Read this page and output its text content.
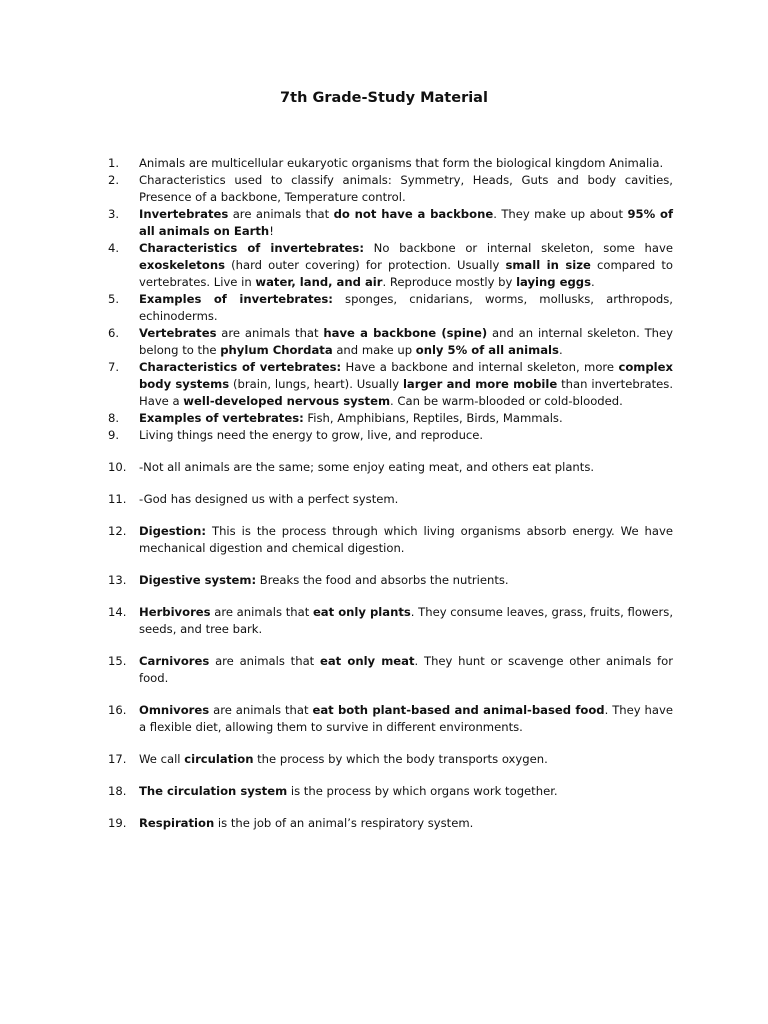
7th Grade-Study Material
1.	Animals are multicellular eukaryotic organisms that form the biological kingdom Animalia.
2.	Characteristics used to classify animals: Symmetry, Heads, Guts and body cavities, Presence of a backbone, Temperature control.
3.	Invertebrates are animals that do not have a backbone. They make up about 95% of all animals on Earth!
4.	Characteristics of invertebrates: No backbone or internal skeleton, some have exoskeletons (hard outer covering) for protection. Usually small in size compared to vertebrates. Live in water, land, and air. Reproduce mostly by laying eggs.
5.	Examples of invertebrates: sponges, cnidarians, worms, mollusks, arthropods, echinoderms.
6.	Vertebrates are animals that have a backbone (spine) and an internal skeleton. They belong to the phylum Chordata and make up only 5% of all animals.
7.	Characteristics of vertebrates: Have a backbone and internal skeleton, more complex body systems (brain, lungs, heart). Usually larger and more mobile than invertebrates. Have a well-developed nervous system. Can be warm-blooded or cold-blooded.
8.	Examples of vertebrates: Fish, Amphibians, Reptiles, Birds, Mammals.
9.	Living things need the energy to grow, live, and reproduce.
10.	-Not all animals are the same; some enjoy eating meat, and others eat plants.
11.	-God has designed us with a perfect system.
12.	Digestion: This is the process through which living organisms absorb energy. We have mechanical digestion and chemical digestion.
13.	Digestive system: Breaks the food and absorbs the nutrients.
14.	Herbivores are animals that eat only plants. They consume leaves, grass, fruits, flowers, seeds, and tree bark.
15.	Carnivores are animals that eat only meat. They hunt or scavenge other animals for food.
16.	Omnivores are animals that eat both plant-based and animal-based food. They have a flexible diet, allowing them to survive in different environments.
17.	We call circulation the process by which the body transports oxygen.
18.	The circulation system is the process by which organs work together.
19.	Respiration is the job of an animal’s respiratory system.
